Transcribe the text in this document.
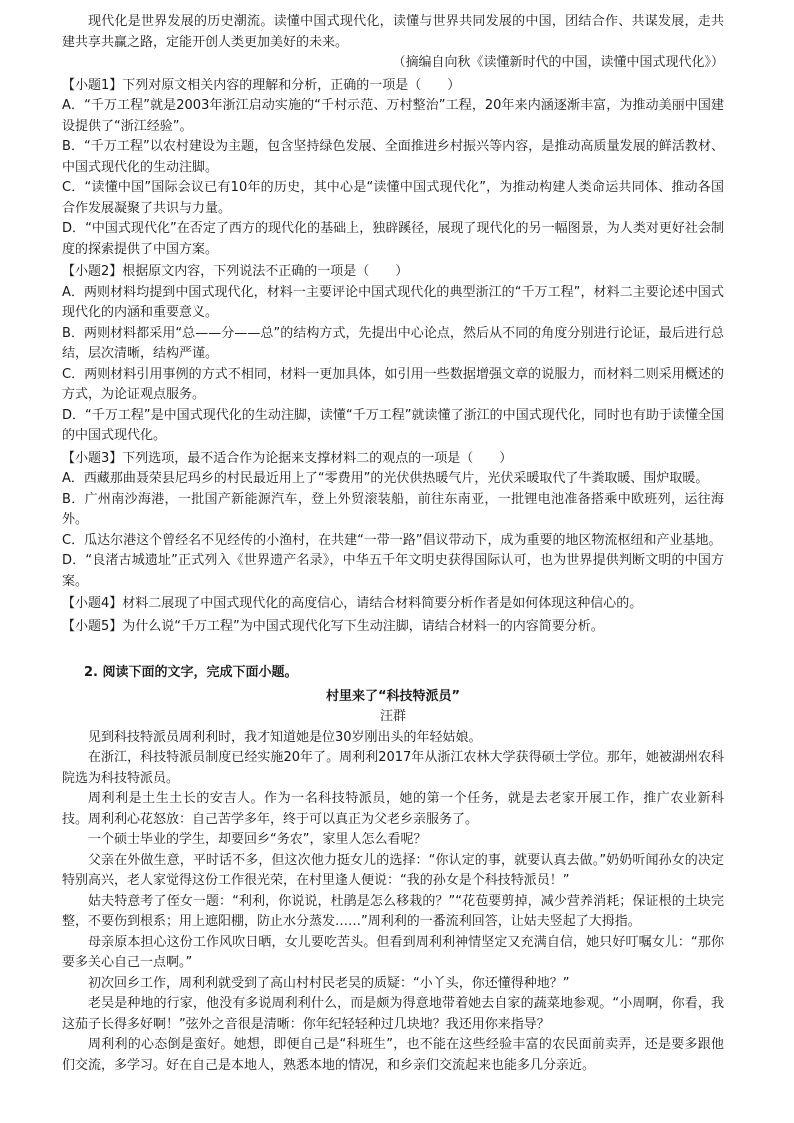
现代化是世界发展的历史潮流。读懂中国式现代化，读懂与世界共同发展的中国，团结合作、共谋发展，走共建共享共赢之路，定能开创人类更加美好的未来。

（摘编自向秋《读懂新时代的中国，读懂中国式现代化》）

【小题1】下列对原文相关内容的理解和分析，正确的一项是（　　）

A．“千万工程”就是2003年浙江启动实施的“千村示范、万村整治”工程，20年来内涵逐渐丰富，为推动美丽中国建设提供了“浙江经验”。

B．“千万工程”以农村建设为主题，包含坚持绿色发展、全面推进乡村振兴等内容，是推动高质量发展的鲜活教材、中国式现代化的生动注脚。

C．“读懂中国”国际会议已有10年的历史，其中心是“读懂中国式现代化”，为推动构建人类命运共同体、推动各国合作发展凝聚了共识与力量。

D．“中国式现代化”在否定了西方的现代化的基础上，独辟蹊径，展现了现代化的另一幅图景，为人类对更好社会制度的探索提供了中国方案。

【小题2】根据原文内容，下列说法不正确的一项是（　　）

A．两则材料均提到中国式现代化，材料一主要评论中国式现代化的典型浙江的“千万工程”，材料二主要论述中国式现代化的内涵和重要意义。

B．两则材料都采用“总——分——总”的结构方式，先提出中心论点，然后从不同的角度分别进行论证，最后进行总结，层次清晰，结构严谨。

C．两则材料引用事例的方式不相同，材料一更加具体，如引用一些数据增强文章的说服力，而材料二则采用概述的方式，为论证观点服务。

D．“千万工程”是中国式现代化的生动注脚，读懂“千万工程”就读懂了浙江的中国式现代化，同时也有助于读懂全国的中国式现代化。

【小题3】下列选项，最不适合作为论据来支撑材料二的观点的一项是（　　）

A．西藏那曲聂荣县尼玛乡的村民最近用上了“零费用”的光伏供热暖气片，光伏采暖取代了牛粪取暖、围炉取暖。

B．广州南沙海港，一批国产新能源汽车，登上外贸滚装船，前往东南亚，一批锂电池准备搭乘中欧班列，运往海外。

C．瓜达尔港这个曾经名不见经传的小渔村，在共建“一带一路”倡议带动下，成为重要的地区物流枢纽和产业基地。

D．“良渚古城遗址”正式列入《世界遗产名录》，中华五千年文明史获得国际认可，也为世界提供判断文明的中国方案。

【小题4】材料二展现了中国式现代化的高度信心，请结合材料简要分析作者是如何体现这种信心的。

【小题5】为什么说“千万工程”为中国式现代化写下生动注脚，请结合材料一的内容简要分析。

2. 阅读下面的文字，完成下面小题。

村里来了“科技特派员”

汪群

见到科技特派员周利利时，我才知道她是位30岁刚出头的年轻姑娘。

在浙江，科技特派员制度已经实施20年了。周利利2017年从浙江农林大学获得硕士学位。那年，她被湖州农科院选为科技特派员。

周利利是土生土长的安吉人。作为一名科技特派员，她的第一个任务，就是去老家开展工作，推广农业新科技。周利利心花怒放：自己苦学多年，终于可以真正为父老乡亲服务了。

一个硕士毕业的学生，却要回乡“务农”，家里人怎么看呢？

父亲在外做生意，平时话不多，但这次他力挺女儿的选择：“你认定的事，就要认真去做。”奶奶听闻孙女的决定特别高兴，老人家觉得这份工作很光荣，在村里逢人便说：“我的孙女是个科技特派员！”

姑夫特意考了侄女一题：“利利，你说说，杜鹃是怎么移栽的？”“花苞要剪掉，减少营养消耗；保证根的土块完整，不要伤到根系；用上遮阳棚，防止水分蒸发……”周利利的一番流利回答，让姑夫竖起了大拇指。

母亲原本担心这份工作风吹日晒，女儿要吃苦头。但看到周利利神情坚定又充满自信，她只好叮嘱女儿：“那你要多关心自己一点啊。”

初次回乡工作，周利利就受到了高山村村民老吴的质疑：“小丫头，你还懂得种地？”

老吴是种地的行家，他没有多说周利利什么，而是颇为得意地带着她去自家的蔬菜地参观。“小周啊，你看，我这茄子长得多好啊！”弦外之音很是清晰：你年纪轻轻种过几块地？我还用你来指导？

周利利的心态倒是蛮好。她想，即便自己是“科班生”，也不能在这些经验丰富的农民面前卖弄，还是要多跟他们交流，多学习。好在自己是本地人，熟悉本地的情况，和乡亲们交流起来也能多几分亲近。
